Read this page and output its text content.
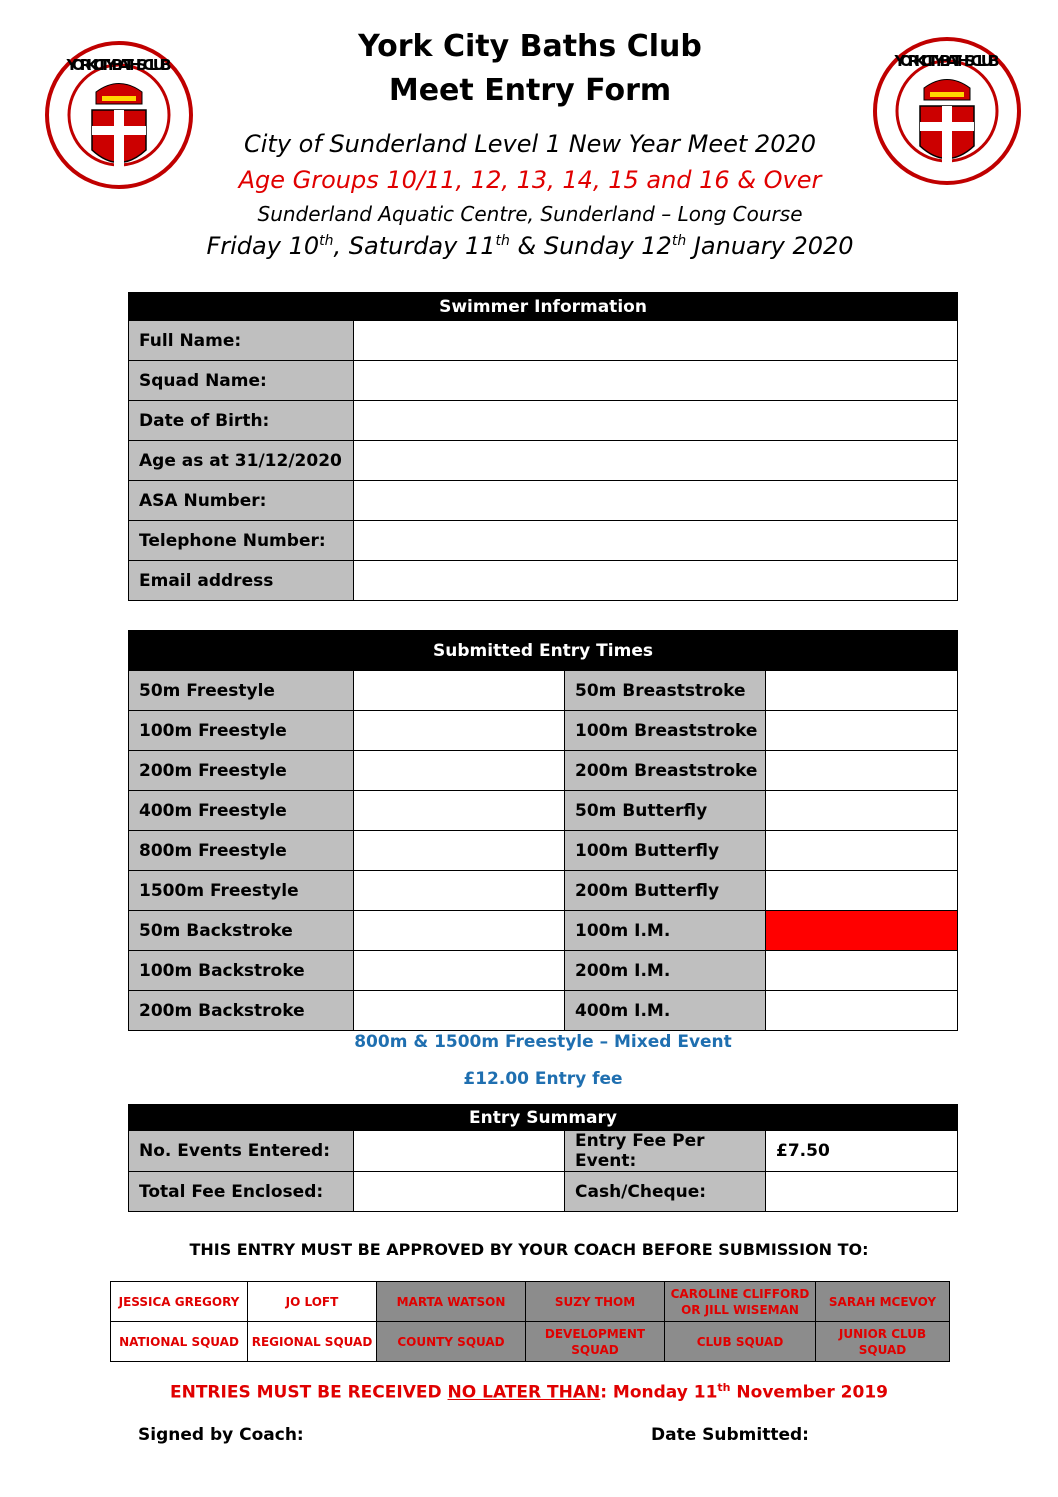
YORK CITY BATHS CLUB	YORK CITY BATHS CLUB
York City Baths Club
Meet Entry Form
City of Sunderland Level 1 New Year Meet 2020
Age Groups 10/11, 12, 13, 14, 15 and 16 & Over
Sunderland Aquatic Centre, Sunderland – Long Course
Friday 10th, Saturday 11th & Sunday 12th January 2020
Swimmer Information	
Full Name:	
Squad Name:	
Date of Birth:	
Age as at 31/12/2020	
ASA Number:	
Telephone Number:	
Email address	
Submitted Entry Times			
50m Freestyle		50m Breaststroke	
100m Freestyle		100m Breaststroke	
200m Freestyle		200m Breaststroke	
400m Freestyle		50m Butterfly	
800m Freestyle		100m Butterfly	
1500m Freestyle		200m Butterfly	
50m Backstroke		100m I.M.	
100m Backstroke		200m I.M.	
200m Backstroke		400m I.M.	
800m & 1500m Freestyle – Mixed Event
£12.00 Entry fee
Entry Summary			
No. Events Entered:		Entry Fee Per Event:	£7.50
Total Fee Enclosed:		Cash/Cheque:	
THIS ENTRY MUST BE APPROVED BY YOUR COACH BEFORE SUBMISSION TO:
JESSICA GREGORY	JO LOFT	MARTA WATSON	SUZY THOM	CAROLINE CLIFFORD OR JILL WISEMAN	SARAH MCEVOY
NATIONAL SQUAD	REGIONAL SQUAD	COUNTY SQUAD	DEVELOPMENT SQUAD	CLUB SQUAD	JUNIOR CLUB SQUAD
ENTRIES MUST BE RECEIVED NO LATER THAN: Monday 11th November 2019
Signed by Coach:	Date Submitted:
